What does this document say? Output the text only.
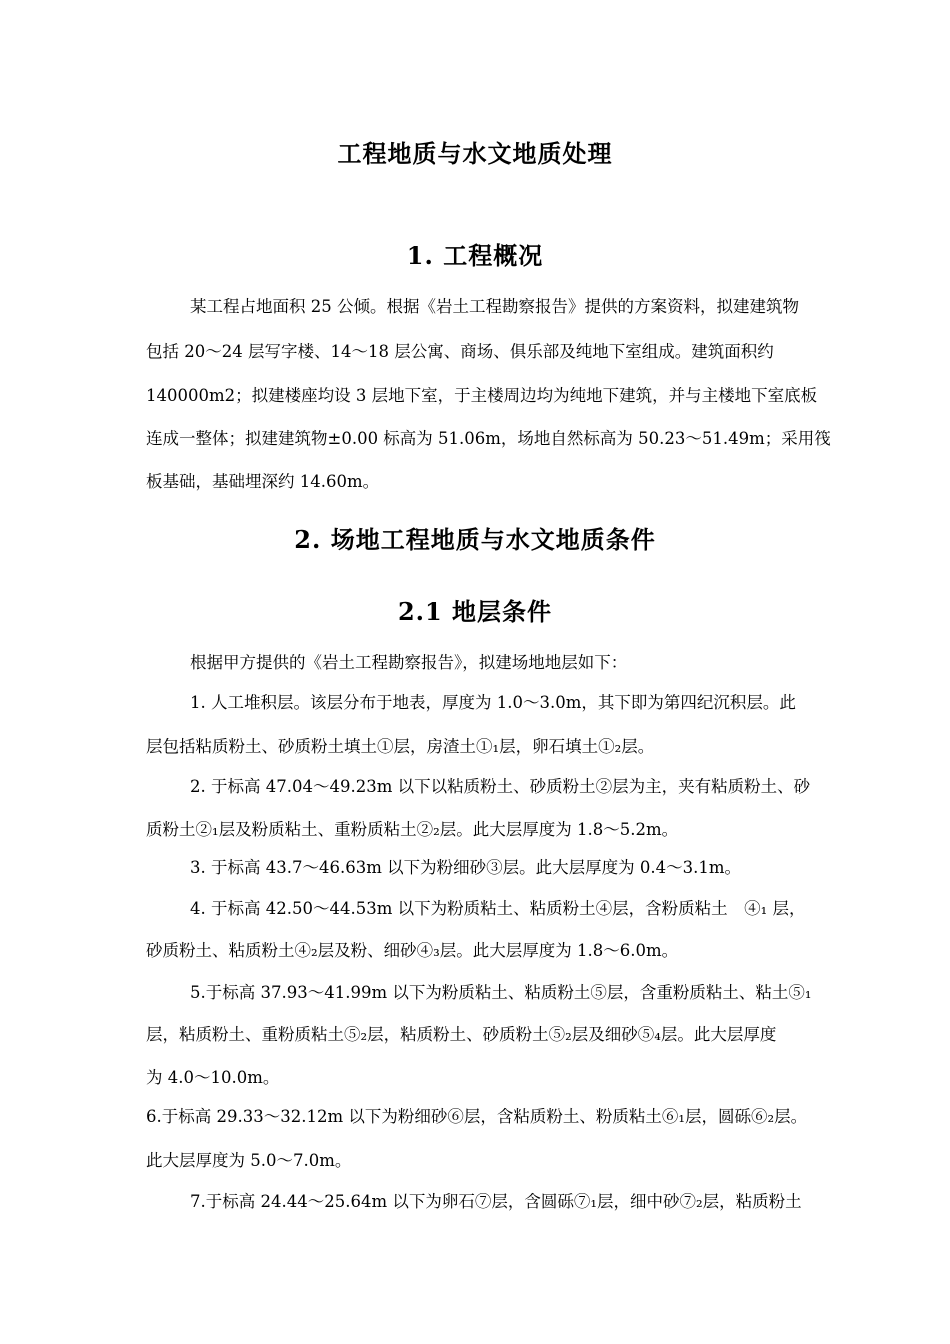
工程地质与水文地质处理
1. 工程概况
某工程占地面积 25 公倾。根据《岩土工程勘察报告》提供的方案资料，拟建建筑物
包括 20～24 层写字楼、14～18 层公寓、商场、俱乐部及纯地下室组成。建筑面积约
140000m2；拟建楼座均设 3 层地下室，于主楼周边均为纯地下建筑，并与主楼地下室底板
连成一整体；拟建建筑物±0.00 标高为 51.06m，场地自然标高为 50.23～51.49m；采用筏
板基础，基础埋深约 14.60m。
2. 场地工程地质与水文地质条件
2.1 地层条件
根据甲方提供的《岩土工程勘察报告》，拟建场地地层如下：
1. 人工堆积层。该层分布于地表，厚度为 1.0～3.0m，其下即为第四纪沉积层。此
层包括粘质粉土、砂质粉土填土①层，房渣土①₁层，卵石填土①₂层。
2. 于标高 47.04～49.23m 以下以粘质粉土、砂质粉土②层为主，夹有粘质粉土、砂
质粉土②₁层及粉质粘土、重粉质粘土②₂层。此大层厚度为 1.8～5.2m。
3. 于标高 43.7～46.63m 以下为粉细砂③层。此大层厚度为 0.4～3.1m。
4. 于标高 42.50～44.53m 以下为粉质粘土、粘质粉土④层，含粉质粘土　④₁ 层，
砂质粉土、粘质粉土④₂层及粉、细砂④₃层。此大层厚度为 1.8～6.0m。
5.于标高 37.93～41.99m 以下为粉质粘土、粘质粉土⑤层，含重粉质粘土、粘土⑤₁
层，粘质粉土、重粉质粘土⑤₂层，粘质粉土、砂质粉土⑤₂层及细砂⑤₄层。此大层厚度
为 4.0～10.0m。
6.于标高 29.33～32.12m 以下为粉细砂⑥层，含粘质粉土、粉质粘土⑥₁层，圆砾⑥₂层。
此大层厚度为 5.0～7.0m。
7.于标高 24.44～25.64m 以下为卵石⑦层，含圆砾⑦₁层，细中砂⑦₂层，粘质粉土
